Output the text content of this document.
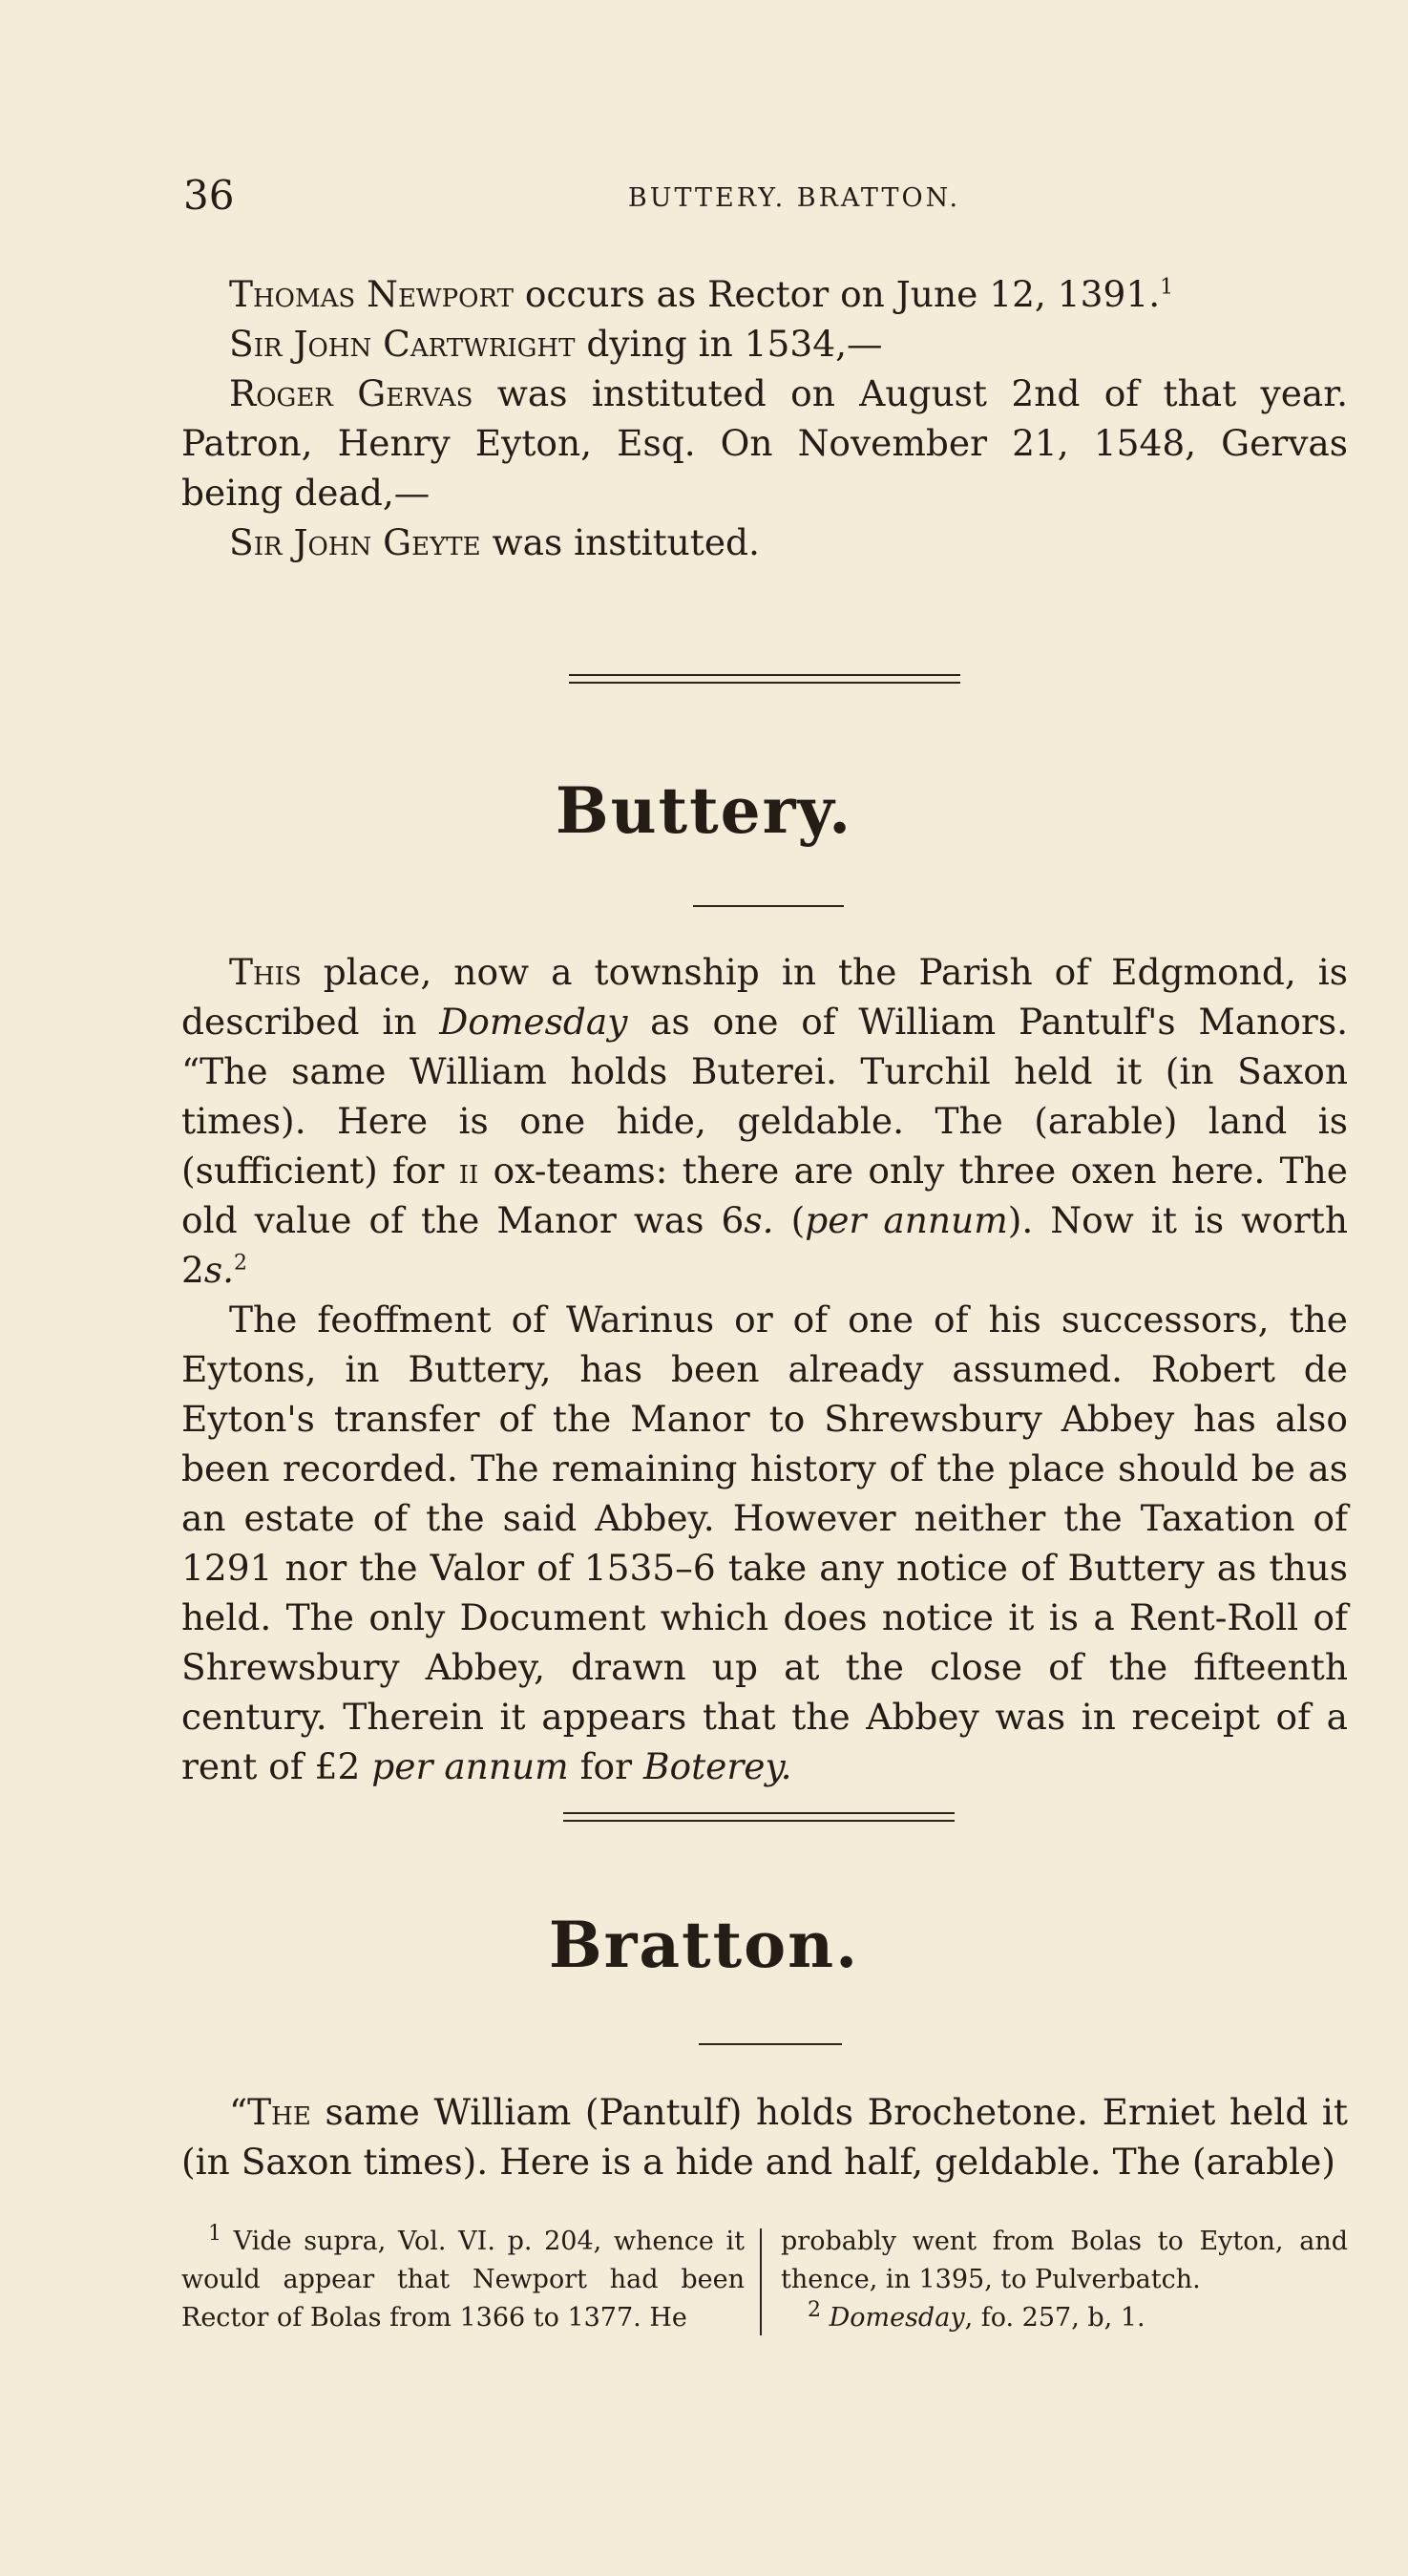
36	BUTTERY. BRATTON.

Thomas Newport occurs as Rector on June 12, 1391.$^1$

Sir John Cartwright dying in 1534,—

Roger Gervas was instituted on August 2nd of that year. Patron, Henry Eyton, Esq. On November 21, 1548, Gervas being dead,—

Sir John Geyte was instituted.

Buttery.

This place, now a township in the Parish of Edgmond, is described in Domesday as one of William Pantulf's Manors. “The same William holds Buterei. Turchil held it (in Saxon times). Here is one hide, geldable. The (arable) land is (sufficient) for ii ox-teams: there are only three oxen here. The old value of the Manor was 6s. (per annum). Now it is worth 2s.$^2$

The feoffment of Warinus or of one of his successors, the Eytons, in Buttery, has been already assumed. Robert de Eyton's transfer of the Manor to Shrewsbury Abbey has also been recorded. The remaining history of the place should be as an estate of the said Abbey. However neither the Taxation of 1291 nor the Valor of 1535–6 take any notice of Buttery as thus held. The only Document which does notice it is a Rent-Roll of Shrewsbury Abbey, drawn up at the close of the fifteenth century. Therein it appears that the Abbey was in receipt of a rent of £2 per annum for Boterey.

Bratton.

“The same William (Pantulf) holds Brochetone. Erniet held it (in Saxon times). Here is a hide and half, geldable. The (arable)

$^1$ Vide supra, Vol. VI. p. 204, whence it would appear that Newport had been Rector of Bolas from 1366 to 1377. He

probably went from Bolas to Eyton, and thence, in 1395, to Pulverbatch.

$^2$ Domesday, fo. 257, b, 1.
